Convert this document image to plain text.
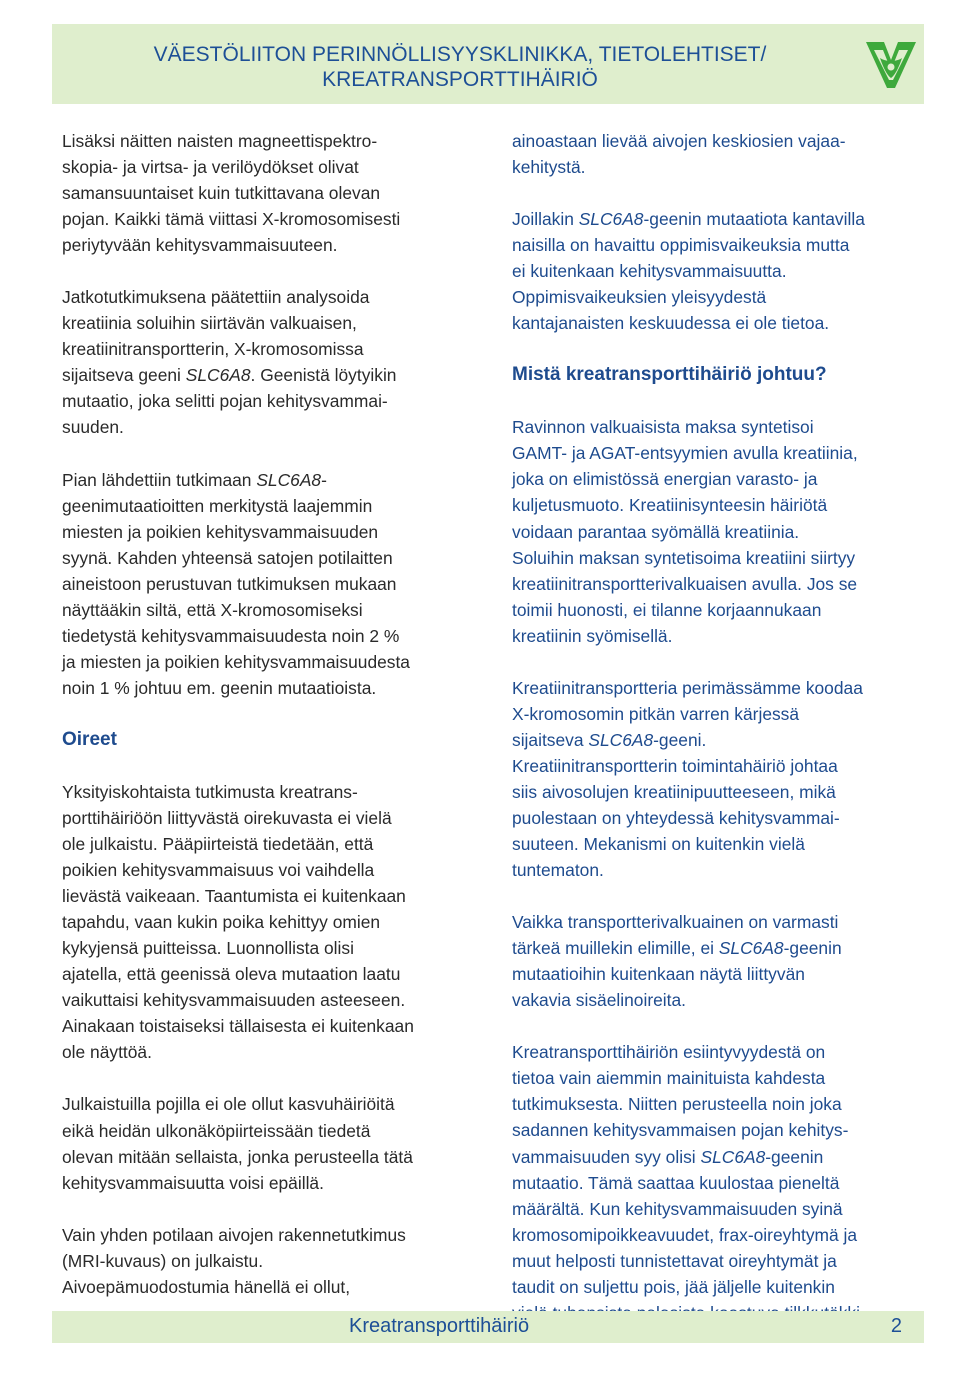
VÄESTÖLIITON PERINNÖLLISYYSKLINIKKA, TIETOLEHTISET/
KREATRANSPORTTIHÄIRIÖ

Lisäksi näitten naisten magneettispektro-
skopia- ja virtsa- ja verilöydökset olivat
samansuuntaiset kuin tutkittavana olevan
pojan. Kaikki tämä viittasi X-kromosomisesti
periytyvään kehitysvammaisuuteen.

Jatkotutkimuksena päätettiin analysoida
kreatiinia soluihin siirtävän valkuaisen,
kreatiinitransportterin, X-kromosomissa
sijaitseva geeni SLC6A8. Geenistä löytyikin
mutaatio, joka selitti pojan kehitysvammai-
suuden.

Pian lähdettiin tutkimaan SLC6A8-
geenimutaatioitten merkitystä laajemmin
miesten ja poikien kehitysvammaisuuden
syynä. Kahden yhteensä satojen potilaitten
aineistoon perustuvan tutkimuksen mukaan
näyttääkin siltä, että X-kromosomiseksi
tiedetystä kehitysvammaisuudesta noin 2 %
ja miesten ja poikien kehitysvammaisuudesta
noin 1 % johtuu em. geenin mutaatioista.

Oireet

Yksityiskohtaista tutkimusta kreatrans-
porttihäiriöön liittyvästä oirekuvasta ei vielä
ole julkaistu. Pääpiirteistä tiedetään, että
poikien kehitysvammaisuus voi vaihdella
lievästä vaikeaan. Taantumista ei kuitenkaan
tapahdu, vaan kukin poika kehittyy omien
kykyjensä puitteissa. Luonnollista olisi
ajatella, että geenissä oleva mutaation laatu
vaikuttaisi kehitysvammaisuuden asteeseen.
Ainakaan toistaiseksi tällaisesta ei kuitenkaan
ole näyttöä.

Julkaistuilla pojilla ei ole ollut kasvuhäiriöitä
eikä heidän ulkonäköpiirteissään tiedetä
olevan mitään sellaista, jonka perusteella tätä
kehitysvammaisuutta voisi epäillä.

Vain yhden potilaan aivojen rakennetutkimus
(MRI-kuvaus) on julkaistu.
Aivoepämuodostumia hänellä ei ollut,

ainoastaan lievää aivojen keskiosien vajaa-
kehitystä.

Joillakin SLC6A8-geenin mutaatiota kantavilla
naisilla on havaittu oppimisvaikeuksia mutta
ei kuitenkaan kehitysvammaisuutta.
Oppimisvaikeuksien yleisyydestä
kantajanaisten keskuudessa ei ole tietoa.

Mistä kreatransporttihäiriö johtuu?

Ravinnon valkuaisista maksa syntetisoi
GAMT- ja AGAT-entsyymien avulla kreatiinia,
joka on elimistössä energian varasto- ja
kuljetusmuoto. Kreatiinisynteesin häiriötä
voidaan parantaa syömällä kreatiinia.
Soluihin maksan syntetisoima kreatiini siirtyy
kreatiinitransportterivalkuaisen avulla. Jos se
toimii huonosti, ei tilanne korjaannukaan
kreatiinin syömisellä.

Kreatiinitransportteria perimässämme koodaa
X-kromosomin pitkän varren kärjessä
sijaitseva SLC6A8-geeni.
Kreatiinitransportterin toimintahäiriö johtaa
siis aivosolujen kreatiinipuutteeseen, mikä
puolestaan on yhteydessä kehitysvammai-
suuteen. Mekanismi on kuitenkin vielä
tuntematon.

Vaikka transportterivalkuainen on varmasti
tärkeä muillekin elimille, ei SLC6A8-geenin
mutaatioihin kuitenkaan näytä liittyvän
vakavia sisäelinoireita.

Kreatransporttihäiriön esiintyvyydestä on
tietoa vain aiemmin mainituista kahdesta
tutkimuksesta. Niitten perusteella noin joka
sadannen kehitysvammaisen pojan kehitys-
vammaisuuden syy olisi SLC6A8-geenin
mutaatio. Tämä saattaa kuulostaa pieneltä
määrältä. Kun kehitysvammaisuuden syinä
kromosomipoikkeavuudet, frax-oireyhtymä ja
muut helposti tunnistettavat oireyhtymät ja
taudit on suljettu pois, jää jäljelle kuitenkin

Kreatransporttihäiriö	2
